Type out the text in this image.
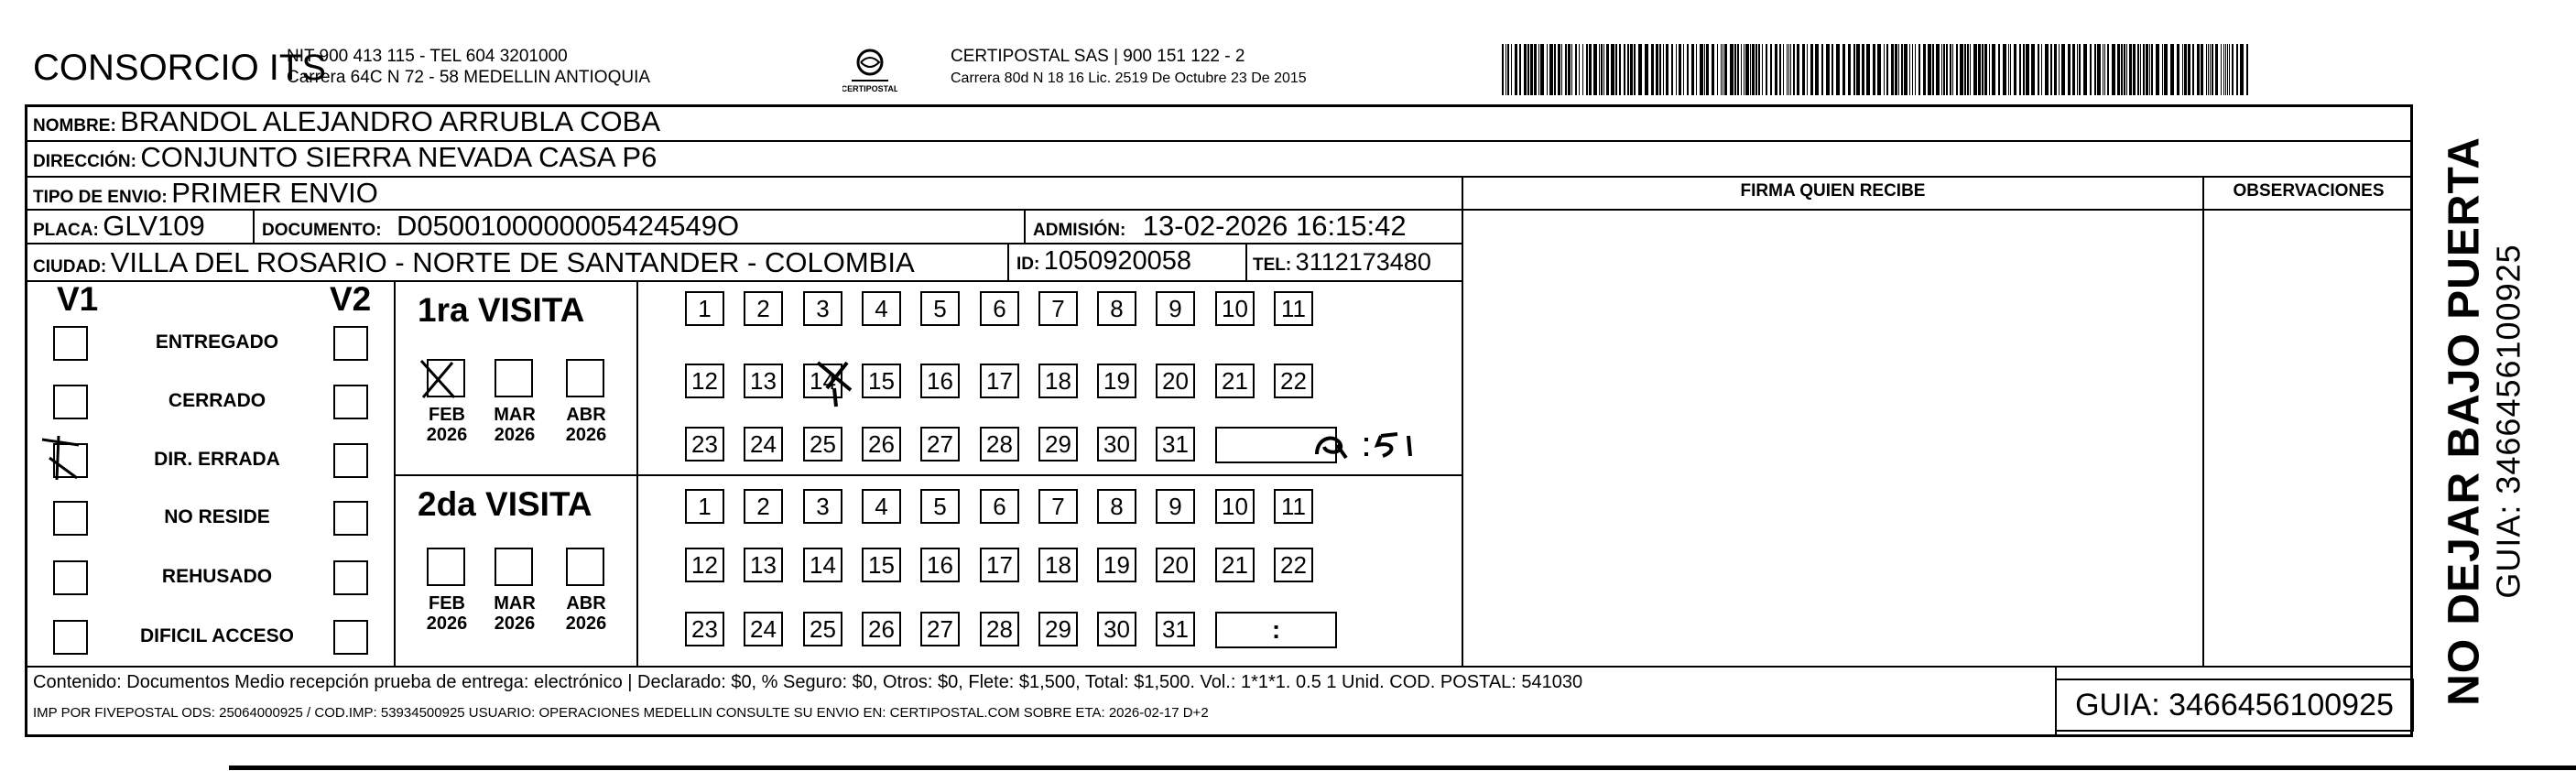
CONSORCIO ITS
NIT 900 413 115 - TEL 604 3201000
Carrera 64C N 72 - 58 MEDELLIN ANTIOQUIA
CERTIPOSTAL
CERTIPOSTAL SAS | 900 151 122 - 2
Carrera 80d N 18 16 Lic. 2519 De Octubre 23 De 2015
NOMBRE: BRANDOL ALEJANDRO ARRUBLA COBA
DIRECCIÓN: CONJUNTO SIERRA NEVADA CASA P6
TIPO DE ENVIO: PRIMER ENVIO	FIRMA QUIEN RECIBE	OBSERVACIONES
PLACA: GLV109	DOCUMENTO: D0500100000005424549O	ADMISIÓN: 13-02-2026 16:15:42
CIUDAD: VILLA DEL ROSARIO - NORTE DE SANTANDER - COLOMBIA	ID: 1050920058	TEL: 3112173480
V1	V2
ENTREGADO
CERRADO
DIR. ERRADA
NO RESIDE
REHUSADO
DIFICIL ACCESO
1ra VISITA
FEB
2026
MAR
2026
ABR
2026
1	2	3	4	5	6	7	8	9	10	11
12 13 14 15 16 17 18 19 20 21 22
23 24 25 26 27 28 29 30 31
2da VISITA
FEB
2026
MAR
2026
ABR
2026
1	2	3	4	5	6	7	8	9	10	11
12 13 14 15 16 17 18 19 20 21 22
23 24 25 26 27 28 29 30 31	:
Contenido: Documentos Medio recepción prueba de entrega: electrónico | Declarado: $0, % Seguro: $0, Otros: $0, Flete: $1,500, Total: $1,500. Vol.: 1*1*1. 0.5 1 Unid. COD. POSTAL: 541030
IMP POR FIVEPOSTAL ODS: 25064000925 / COD.IMP: 53934500925 USUARIO: OPERACIONES MEDELLIN CONSULTE SU ENVIO EN: CERTIPOSTAL.COM SOBRE ETA: 2026-02-17 D+2	GUIA: 3466456100925	NO DEJAR BAJO PUERTA GUIA: 3466456100925
